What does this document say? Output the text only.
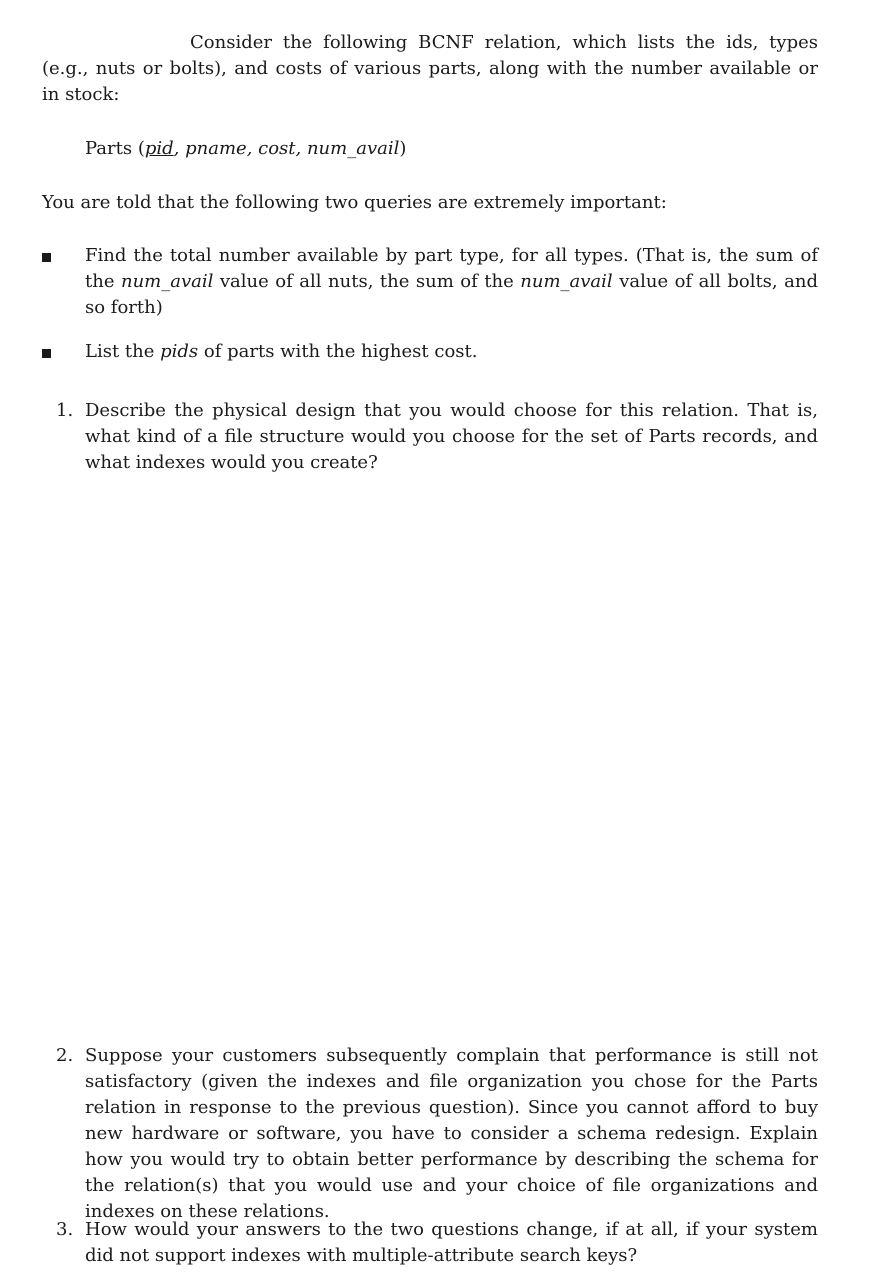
Consider the following BCNF relation, which lists the ids, types (e.g., nuts or bolts), and costs of various parts, along with the number available or in stock:

Parts (pid, pname, cost, num_avail)

You are told that the following two queries are extremely important:

Find the total number available by part type, for all types. (That is, the sum of the num_avail value of all nuts, the sum of the num_avail value of all bolts, and so forth)

List the pids of parts with the highest cost.

1. Describe the physical design that you would choose for this relation. That is, what kind of a file structure would you choose for the set of Parts records, and what indexes would you create?

2. Suppose your customers subsequently complain that performance is still not satisfactory (given the indexes and file organization you chose for the Parts relation in response to the previous question). Since you cannot afford to buy new hardware or software, you have to consider a schema redesign. Explain how you would try to obtain better performance by describing the schema for the relation(s) that you would use and your choice of file organizations and indexes on these relations.

3. How would your answers to the two questions change, if at all, if your system did not support indexes with multiple-attribute search keys?
